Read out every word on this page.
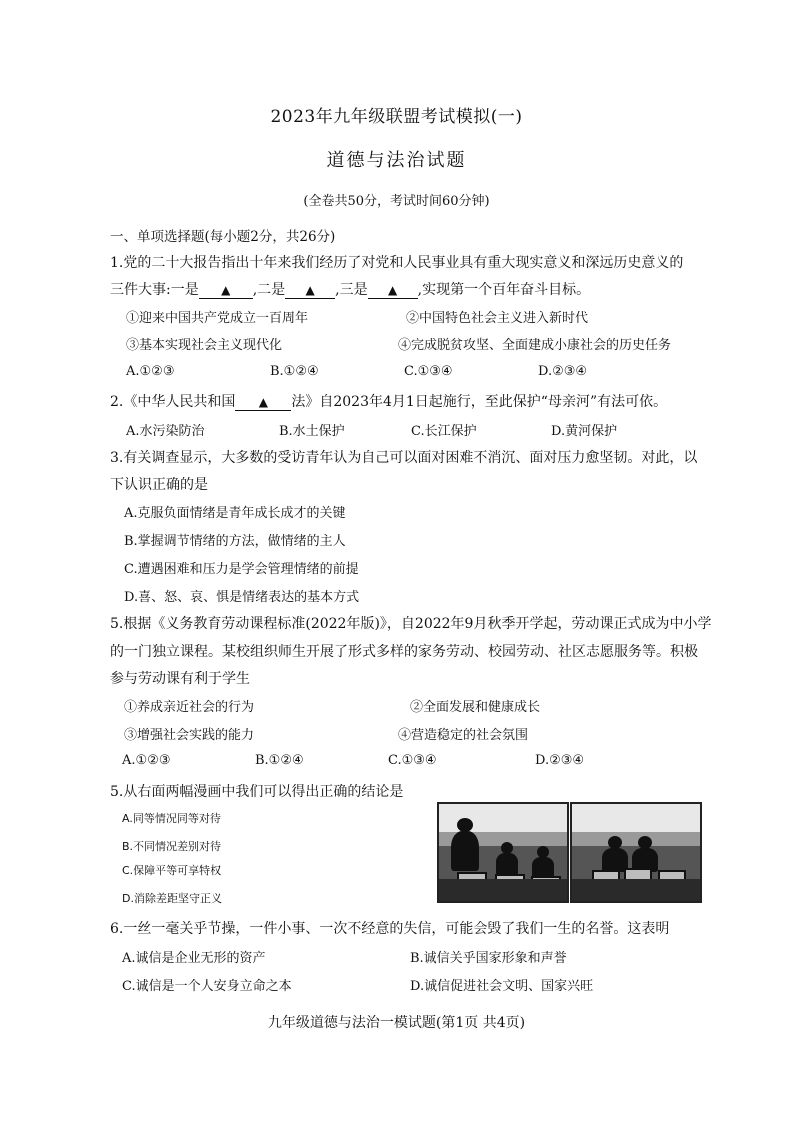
2023年九年级联盟考试模拟(一)
道德与法治试题
(全卷共50分，考试时间60分钟)
一、单项选择题(每小题2分，共26分)
1.党的二十大报告指出十年来我们经历了对党和人民事业具有重大现实意义和深远历史意义的
三件大事:一是 ▲ ,二是 ▲ ,三是 ▲ ,实现第一个百年奋斗目标。
①迎来中国共产党成立一百周年	②中国特色社会主义进入新时代
③基本实现社会主义现代化	④完成脱贫攻坚、全面建成小康社会的历史任务
A.①②③	B.①②④	C.①③④	D.②③④
2.《中华人民共和国 ▲ 法》自2023年4月1日起施行，至此保护“母亲河”有法可依。
A.水污染防治	B.水土保护	C.长江保护	D.黄河保护
3.有关调查显示，大多数的受访青年认为自己可以面对困难不消沉、面对压力愈坚韧。对此，以
下认识正确的是
A.克服负面情绪是青年成长成才的关键
B.掌握调节情绪的方法，做情绪的主人
C.遭遇困难和压力是学会管理情绪的前提
D.喜、怒、哀、惧是情绪表达的基本方式
5.根据《义务教育劳动课程标准(2022年版)》，自2022年9月秋季开学起，劳动课正式成为中小学
的一门独立课程。某校组织师生开展了形式多样的家务劳动、校园劳动、社区志愿服务等。积极
参与劳动课有利于学生
①养成亲近社会的行为	②全面发展和健康成长
③增强社会实践的能力	④营造稳定的社会氛围
A.①②③	B.①②④	C.①③④	D.②③④
5.从右面两幅漫画中我们可以得出正确的结论是
A.同等情况同等对待
B.不同情况差别对待
C.保障平等可享特权
D.消除差距坚守正义
6.一丝一毫关乎节操，一件小事、一次不经意的失信，可能会毁了我们一生的名誉。这表明
A.诚信是企业无形的资产	B.诚信关乎国家形象和声誉
C.诚信是一个人安身立命之本	D.诚信促进社会文明、国家兴旺
九年级道德与法治一模试题(第1页 共4页)
